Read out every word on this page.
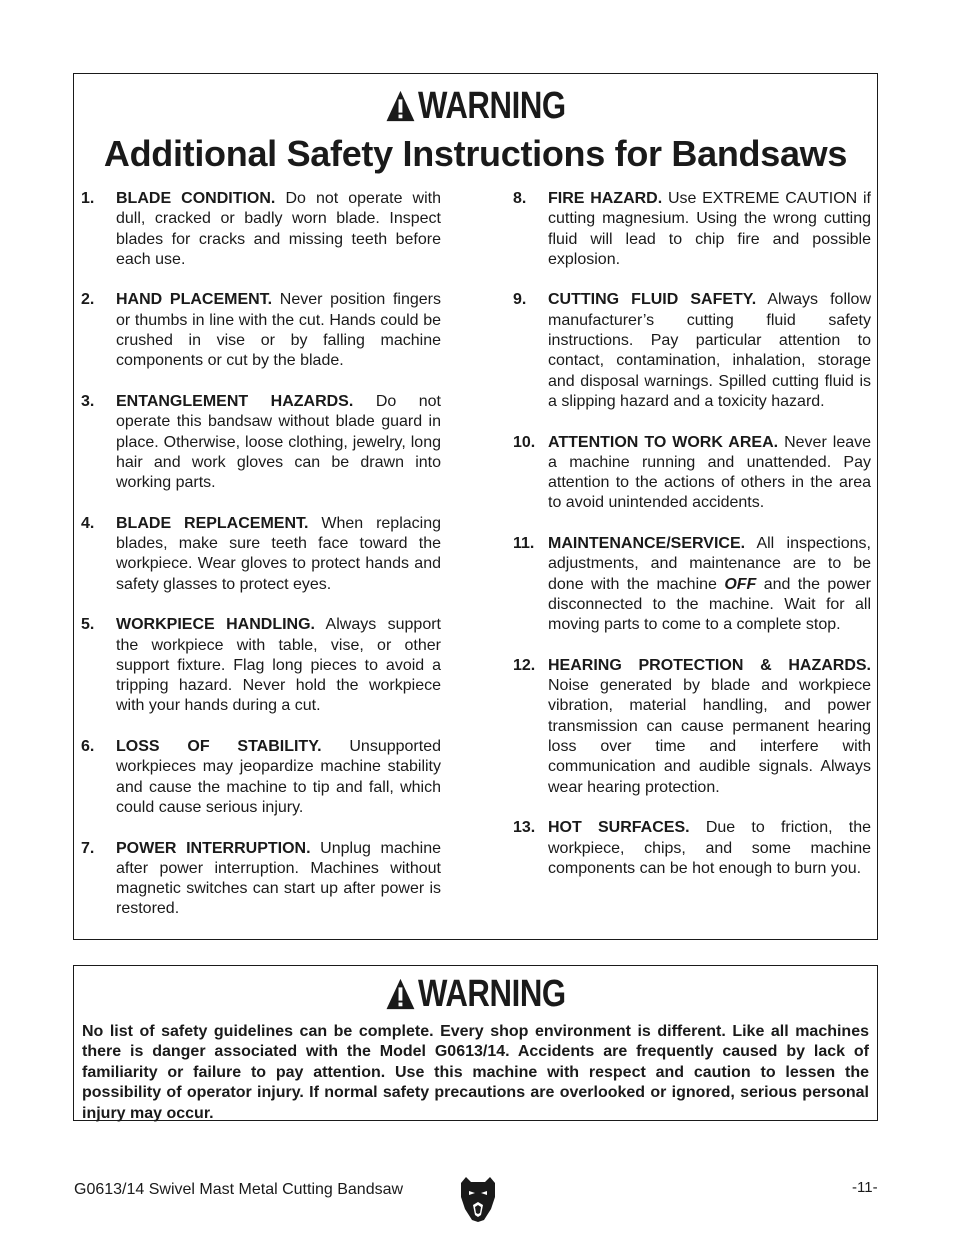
WARNING
Additional Safety Instructions for Bandsaws
1.	BLADE CONDITION. Do not operate with dull, cracked or badly worn blade. Inspect blades for cracks and missing teeth before each use.
2.	HAND PLACEMENT. Never position fingers or thumbs in line with the cut. Hands could be crushed in vise or by falling machine components or cut by the blade.
3.	ENTANGLEMENT HAZARDS. Do not operate this bandsaw without blade guard in place. Otherwise, loose clothing, jewelry, long hair and work gloves can be drawn into working parts.
4.	BLADE REPLACEMENT. When replacing blades, make sure teeth face toward the workpiece. Wear gloves to protect hands and safety glasses to protect eyes.
5.	WORKPIECE HANDLING. Always support the workpiece with table, vise, or other support fixture. Flag long pieces to avoid a tripping hazard. Never hold the workpiece with your hands during a cut.
6.	LOSS OF STABILITY. Unsupported workpieces may jeopardize machine stability and cause the machine to tip and fall, which could cause serious injury.
7.	POWER INTERRUPTION. Unplug machine after power interruption. Machines without magnetic switches can start up after power is restored.
8.	FIRE HAZARD. Use EXTREME CAUTION if cutting magnesium. Using the wrong cutting fluid will lead to chip fire and possible explosion.
9.	CUTTING FLUID SAFETY. Always follow manufacturer’s cutting fluid safety instructions. Pay particular attention to contact, contamination, inhalation, storage and disposal warnings. Spilled cutting fluid is a slipping hazard and a toxicity hazard.
10. ATTENTION TO WORK AREA. Never leave a machine running and unattended. Pay attention to the actions of others in the area to avoid unintended accidents.
11. MAINTENANCE/SERVICE. All inspections, adjustments, and maintenance are to be done with the machine OFF and the power disconnected to the machine. Wait for all moving parts to come to a complete stop.
12. HEARING PROTECTION & HAZARDS. Noise generated by blade and workpiece vibration, material handling, and power transmission can cause permanent hearing loss over time and interfere with communication and audible signals. Always wear hearing protection.
13. HOT SURFACES. Due to friction, the workpiece, chips, and some machine components can be hot enough to burn you.
WARNING
No list of safety guidelines can be complete. Every shop environment is different. Like all machines there is danger associated with the Model G0613/14. Accidents are frequently caused by lack of familiarity or failure to pay attention. Use this machine with respect and caution to lessen the possibility of operator injury. If normal safety precautions are overlooked or ignored, serious personal injury may occur.
G0613/14 Swivel Mast Metal Cutting Bandsaw	-11-
